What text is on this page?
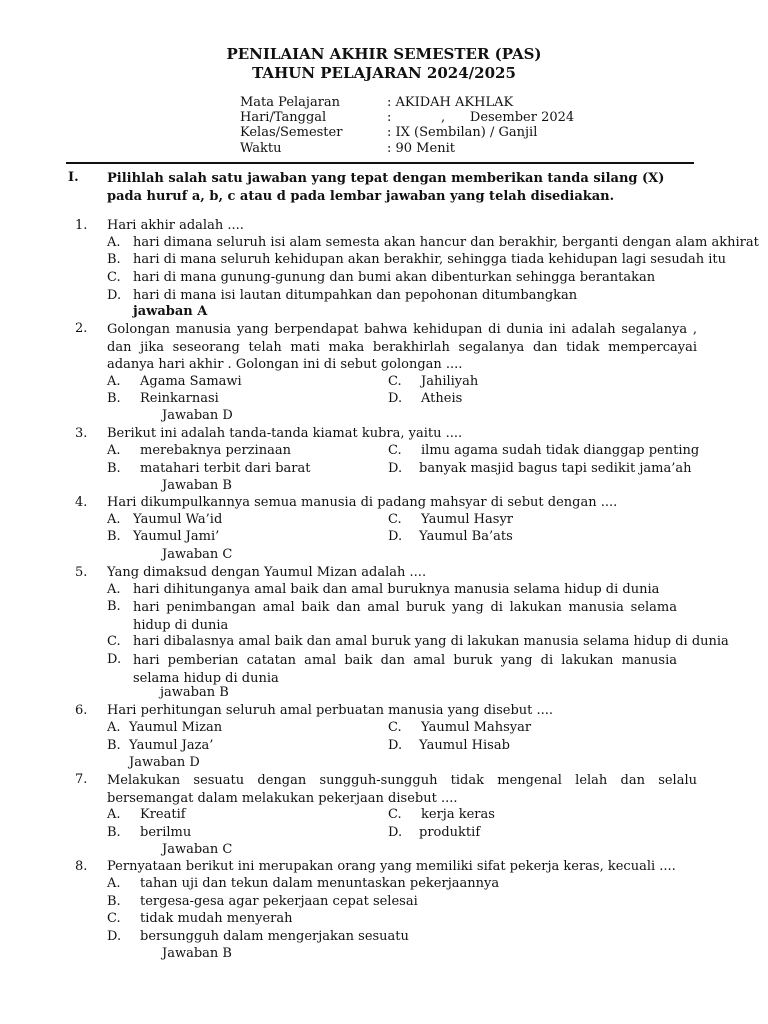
PENILAIAN AKHIR SEMESTER (PAS)
TAHUN PELAJARAN 2024/2025
Mata Pelajaran	: AKIDAH AKHLAK
Hari/Tanggal	:            ,      Desember 2024
Kelas/Semester	: IX (Sembilan) / Ganjil
Waktu	: 90 Menit
I. Pilihlah salah satu jawaban yang tepat dengan memberikan tanda silang (X) pada huruf a, b, c atau d pada lembar jawaban yang telah disediakan.
1. Hari akhir adalah ....
A. hari dimana seluruh isi alam semesta akan hancur dan berakhir, berganti dengan alam akhirat
B. hari di mana seluruh kehidupan akan berakhir, sehingga tiada kehidupan lagi sesudah itu
C. hari di mana gunung-gunung dan bumi akan dibenturkan sehingga berantakan
D. hari di mana isi lautan ditumpahkan dan pepohonan ditumbangkan
jawaban A
2. Golongan manusia yang berpendapat bahwa kehidupan di dunia ini adalah segalanya , dan jika seseorang telah mati maka berakhirlah segalanya dan tidak mempercayai adanya hari akhir . Golongan ini di sebut golongan ....
A. Agama Samawi
B. Reinkarnasi
C. Jahiliyah
D. Atheis
Jawaban D
3. Berikut ini adalah tanda-tanda kiamat kubra, yaitu ....
A. merebaknya perzinaan
B. matahari terbit dari barat
C. ilmu agama sudah tidak dianggap penting
D. banyak masjid bagus tapi sedikit jama’ah
Jawaban B
4. Hari dikumpulkannya semua manusia di padang mahsyar di sebut dengan ....
A. Yaumul Wa’id
B. Yaumul Jami’
C. Yaumul Hasyr
D. Yaumul Ba’ats
Jawaban C
5. Yang dimaksud dengan Yaumul Mizan adalah ....
A. hari dihitunganya amal baik dan amal buruknya manusia selama hidup di dunia
B. hari penimbangan amal baik dan amal buruk yang di lakukan manusia selama hidup di dunia
C. hari dibalasnya amal baik dan amal buruk yang di lakukan manusia selama hidup di dunia
D. hari pemberian catatan amal baik dan amal buruk yang di lakukan manusia selama hidup di dunia
jawaban B
6. Hari perhitungan seluruh amal perbuatan manusia yang disebut ....
A. Yaumul Mizan
B. Yaumul Jaza’
C. Yaumul Mahsyar
D. Yaumul Hisab
Jawaban D
7. Melakukan sesuatu dengan sungguh-sungguh tidak mengenal lelah dan selalu bersemangat dalam melakukan pekerjaan disebut ....
A. Kreatif
B. berilmu
C. kerja keras
D. produktif
Jawaban C
8. Pernyataan berikut ini merupakan orang yang memiliki sifat pekerja keras, kecuali ....
A. tahan uji dan tekun dalam menuntaskan pekerjaannya
B. tergesa-gesa agar pekerjaan cepat selesai
C. tidak mudah menyerah
D. bersungguh dalam mengerjakan sesuatu
Jawaban B
